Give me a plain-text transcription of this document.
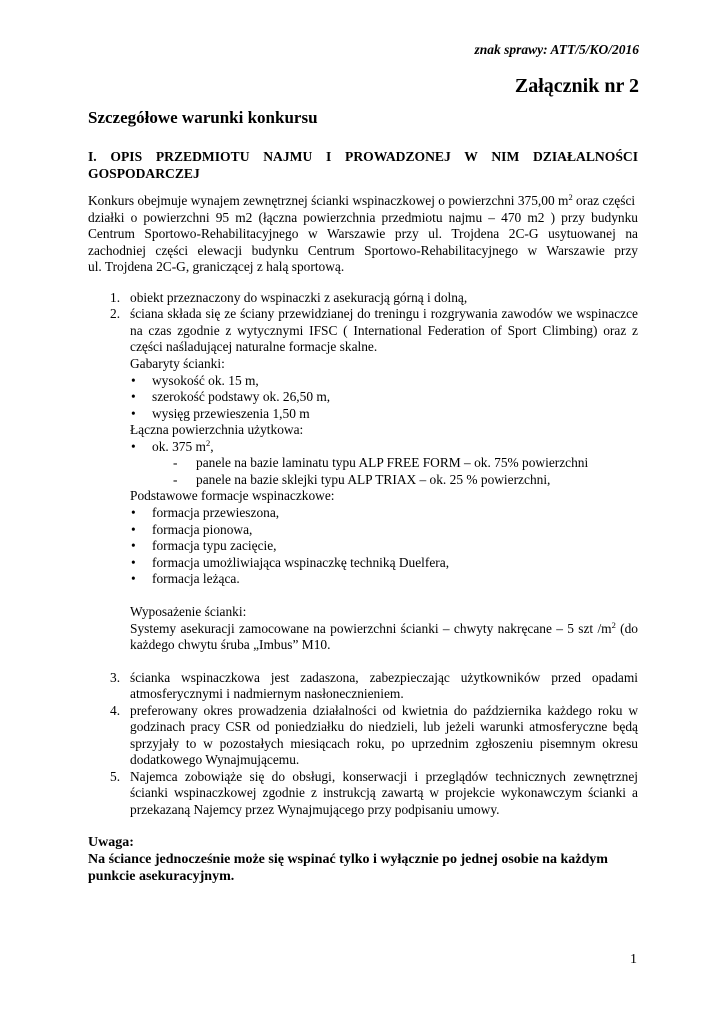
znak sprawy: ATT/5/KO/2016
Załącznik nr 2
Szczegółowe warunki konkursu
I. OPIS PRZEDMIOTU NAJMU I PROWADZONEJ W NIM DZIAŁALNOŚCI GOSPODARCZEJ
Konkurs obejmuje wynajem zewnętrznej ścianki wspinaczkowej o powierzchni 375,00 $m^2$ oraz części
działki o powierzchni 95 m2 (łączna powierzchnia przedmiotu najmu – 470 m2 ) przy budynku
Centrum Sportowo-Rehabilitacyjnego w Warszawie przy ul. Trojdena 2C-G usytuowanej na
zachodniej części elewacji budynku Centrum Sportowo-Rehabilitacyjnego w Warszawie przy
ul. Trojdena 2C-G, graniczącej z halą sportową.
1. obiekt przeznaczony do wspinaczki z asekuracją górną i dolną,
2. ściana składa się ze ściany przewidzianej do treningu i rozgrywania zawodów we wspinaczce
na czas zgodnie z wytycznymi IFSC ( International Federation of Sport Climbing) oraz z
części naśladującej naturalne formacje skalne.
Gabaryty ścianki:
• wysokość ok. 15 m,
• szerokość podstawy ok. 26,50 m,
• wysięg przewieszenia 1,50 m
Łączna powierzchnia użytkowa:
• ok. 375 $m^2$,
- panele na bazie laminatu typu ALP FREE FORM – ok. 75% powierzchni
- panele na bazie sklejki typu ALP TRIAX – ok. 25 % powierzchni,
Podstawowe formacje wspinaczkowe:
• formacja przewieszona,
• formacja pionowa,
• formacja typu zacięcie,
• formacja umożliwiająca wspinaczkę techniką Duelfera,
• formacja leżąca.
Wyposażenie ścianki:
Systemy asekuracji zamocowane na powierzchni ścianki – chwyty nakręcane – 5 szt $/m^2$ (do
każdego chwytu śruba „Imbus” M10.
3. ścianka wspinaczkowa jest zadaszona, zabezpieczając użytkowników przed opadami
atmosferycznymi i nadmiernym nasłonecznieniem.
4. preferowany okres prowadzenia działalności od kwietnia do października każdego roku w
godzinach pracy CSR od poniedziałku do niedzieli, lub jeżeli warunki atmosferyczne będą
sprzyjały to w pozostałych miesiącach roku, po uprzednim zgłoszeniu pisemnym okresu
dodatkowego Wynajmującemu.
5. Najemca zobowiąże się do obsługi, konserwacji i przeglądów technicznych zewnętrznej
ścianki wspinaczkowej zgodnie z instrukcją zawartą w projekcie wykonawczym ścianki a
przekazaną Najemcy przez Wynajmującego przy podpisaniu umowy.
Uwaga:
Na ściance jednocześnie może się wspinać tylko i wyłącznie po jednej osobie na każdym
punkcie asekuracyjnym.
1
